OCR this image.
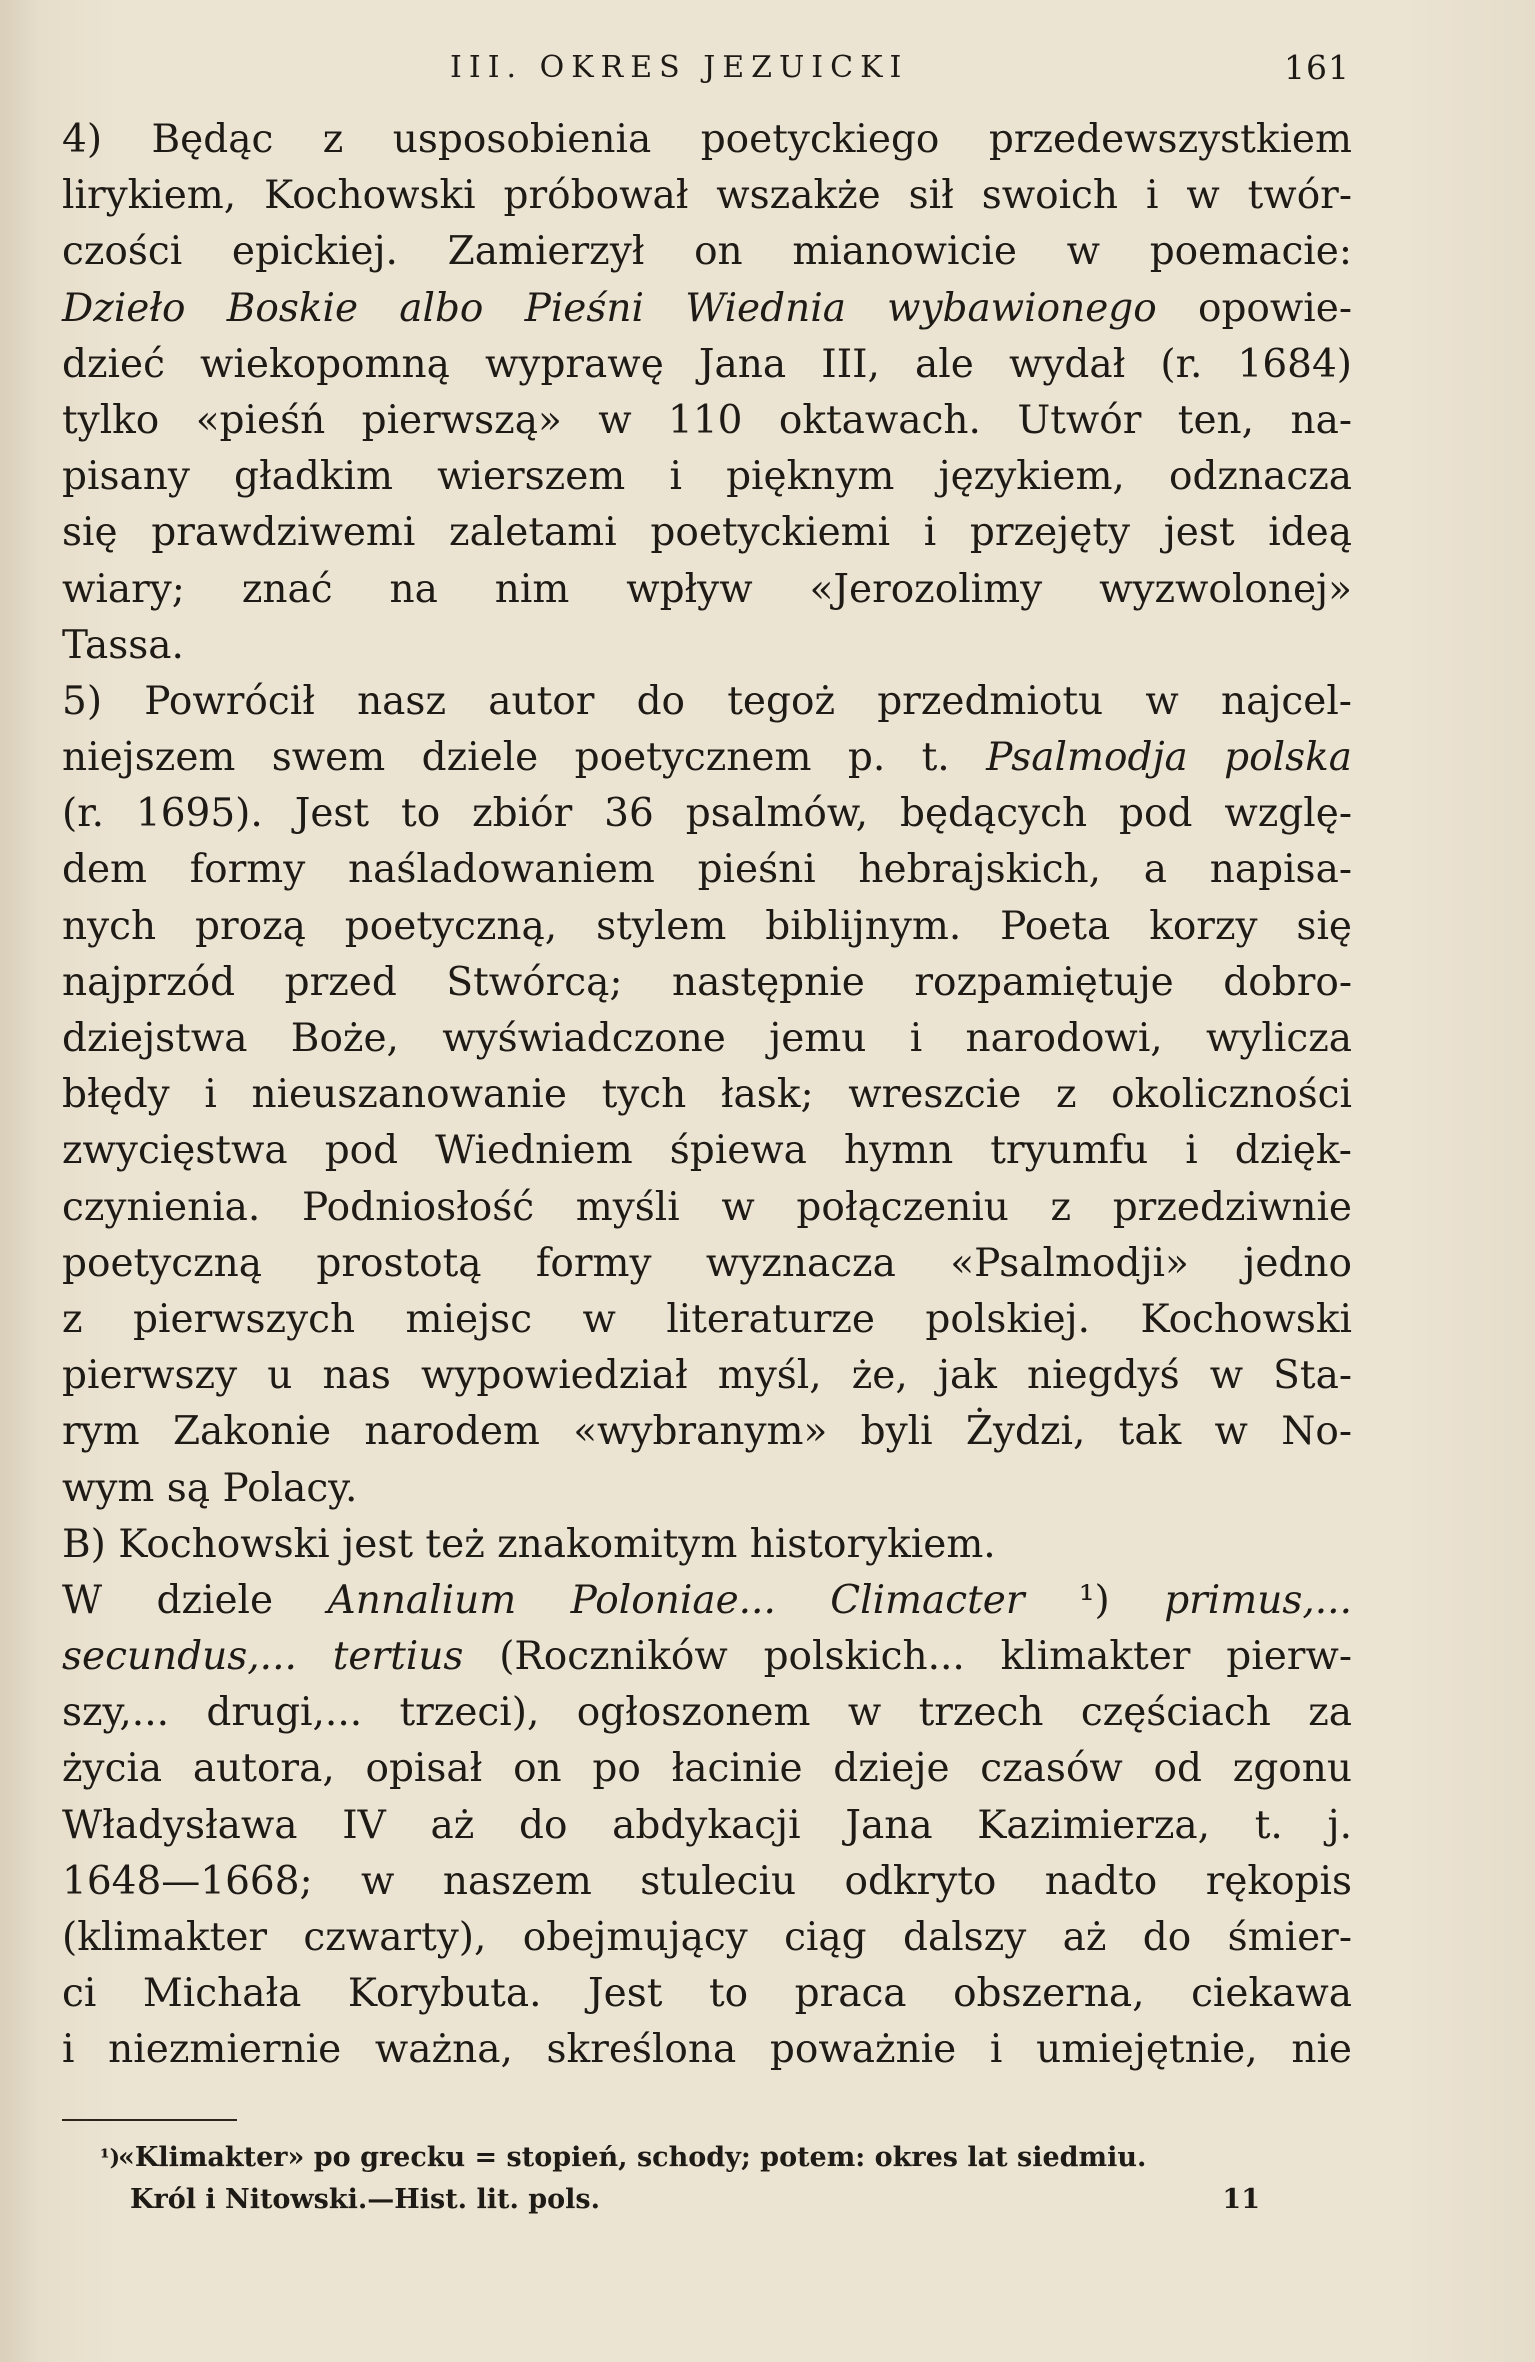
III. OKRES JEZUICKI	161
4) Będąc z usposobienia poetyckiego przedewszystkiem
lirykiem, Kochowski próbował wszakże sił swoich i w twór-
czości epickiej. Zamierzył on mianowicie w poemacie:
Dzieło Boskie albo Pieśni Wiednia wybawionego opowie-
dzieć wiekopomną wyprawę Jana III, ale wydał (r. 1684)
tylko «pieśń pierwszą» w 110 oktawach. Utwór ten, na-
pisany gładkim wierszem i pięknym językiem, odznacza
się prawdziwemi zaletami poetyckiemi i przejęty jest ideą
wiary; znać na nim wpływ «Jerozolimy wyzwolonej»
Tassa.
5) Powrócił nasz autor do tegoż przedmiotu w najcel-
niejszem swem dziele poetycznem p. t. Psalmodja polska
(r. 1695). Jest to zbiór 36 psalmów, będących pod wzglę-
dem formy naśladowaniem pieśni hebrajskich, a napisa-
nych prozą poetyczną, stylem biblijnym. Poeta korzy się
najprzód przed Stwórcą; następnie rozpamiętuje dobro-
dziejstwa Boże, wyświadczone jemu i narodowi, wylicza
błędy i nieuszanowanie tych łask; wreszcie z okoliczności
zwycięstwa pod Wiedniem śpiewa hymn tryumfu i dzięk-
czynienia. Podniosłość myśli w połączeniu z przedziwnie
poetyczną prostotą formy wyznacza «Psalmodji» jedno
z pierwszych miejsc w literaturze polskiej. Kochowski
pierwszy u nas wypowiedział myśl, że, jak niegdyś w Sta-
rym Zakonie narodem «wybranym» byli Żydzi, tak w No-
wym są Polacy.
B) Kochowski jest też znakomitym historykiem.
W dziele Annalium Poloniae... Climacter ¹) primus,...
secundus,... tertius (Roczników polskich... klimakter pierw-
szy,... drugi,... trzeci), ogłoszonem w trzech częściach za
życia autora, opisał on po łacinie dzieje czasów od zgonu
Władysława IV aż do abdykacji Jana Kazimierza, t. j.
1648—1668; w naszem stuleciu odkryto nadto rękopis
(klimakter czwarty), obejmujący ciąg dalszy aż do śmier-
ci Michała Korybuta. Jest to praca obszerna, ciekawa
i niezmiernie ważna, skreślona poważnie i umiejętnie, nie
¹)
«Klimakter» po grecku = stopień, schody; potem: okres lat siedmiu.
Król i Nitowski.—Hist. lit. pols.	11
